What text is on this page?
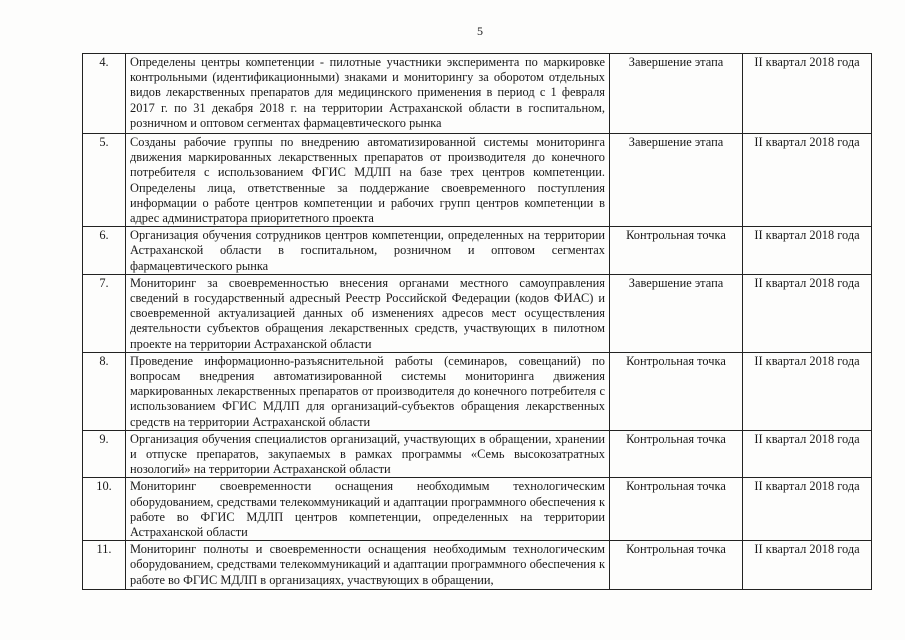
5
4.	Определены центры компетенции - пилотные участники эксперимента по маркировке контрольными (идентификационными) знаками и мониторингу за оборотом отдельных видов лекарственных препаратов для медицинского применения в период с 1 февраля 2017 г. по 31 декабря 2018 г. на территории Астраханской области в госпитальном, розничном и оптовом сегментах фармацевтического рынка	Завершение этапа	II квартал 2018 года
5.	Созданы рабочие группы по внедрению автоматизированной системы мониторинга движения маркированных лекарственных препаратов от производителя до конечного потребителя с использованием ФГИС МДЛП на базе трех центров компетенции. Определены лица, ответственные за поддержание своевременного поступления информации о работе центров компетенции и рабочих групп центров компетенции в адрес администратора приоритетного проекта	Завершение этапа	II квартал 2018 года
6.	Организация обучения сотрудников центров компетенции, определенных на территории Астраханской области в госпитальном, розничном и оптовом сегментах фармацевтического рынка	Контрольная точка	II квартал 2018 года
7.	Мониторинг за своевременностью внесения органами местного самоуправления сведений в государственный адресный Реестр Российской Федерации (кодов ФИАС) и своевременной актуализацией данных об изменениях адресов мест осуществления деятельности субъектов обращения лекарственных средств, участвующих в пилотном проекте на территории Астраханской области	Завершение этапа	II квартал 2018 года
8.	Проведение информационно-разъяснительной работы (семинаров, совещаний) по вопросам внедрения автоматизированной системы мониторинга движения маркированных лекарственных препаратов от производителя до конечного потребителя с использованием ФГИС МДЛП для организаций-субъектов обращения лекарственных средств на территории Астраханской области	Контрольная точка	II квартал 2018 года
9.	Организация обучения специалистов организаций, участвующих в обращении, хранении и отпуске препаратов, закупаемых в рамках программы «Семь высокозатратных нозологий» на территории Астраханской области	Контрольная точка	II квартал 2018 года
10.	Мониторинг своевременности оснащения необходимым технологическим оборудованием, средствами телекоммуникаций и адаптации программного обеспечения к работе во ФГИС МДЛП центров компетенции, определенных на территории Астраханской области	Контрольная точка	II квартал 2018 года
11.	Мониторинг полноты и своевременности оснащения необходимым технологическим оборудованием, средствами телекоммуникаций и адаптации программного обеспечения к работе во ФГИС МДЛП в организациях, участвующих в обращении,	Контрольная точка	II квартал 2018 года
